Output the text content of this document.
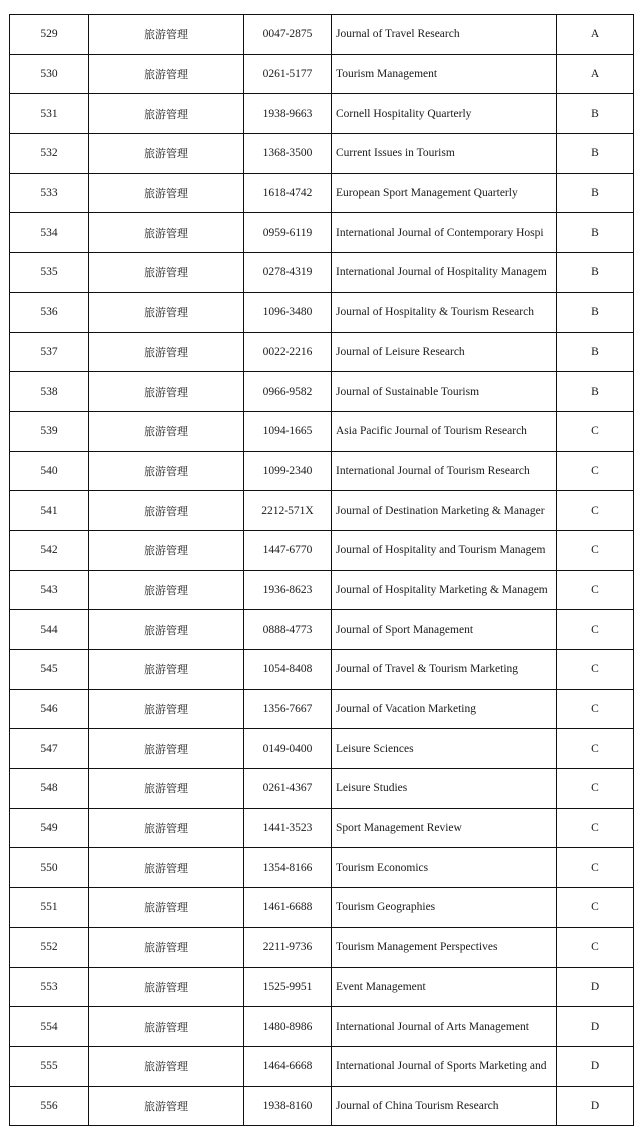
529	旅游管理	0047-2875	Journal of Travel Research	A
530	旅游管理	0261-5177	Tourism Management	A
531	旅游管理	1938-9663	Cornell Hospitality Quarterly	B
532	旅游管理	1368-3500	Current Issues in Tourism	B
533	旅游管理	1618-4742	European Sport Management Quarterly	B
534	旅游管理	0959-6119	International Journal of Contemporary Hospi	B
535	旅游管理	0278-4319	International Journal of Hospitality Managem	B
536	旅游管理	1096-3480	Journal of Hospitality & Tourism Research	B
537	旅游管理	0022-2216	Journal of Leisure Research	B
538	旅游管理	0966-9582	Journal of Sustainable Tourism	B
539	旅游管理	1094-1665	Asia Pacific Journal of Tourism Research	C
540	旅游管理	1099-2340	International Journal of Tourism Research	C
541	旅游管理	2212-571X	Journal of Destination Marketing & Manager	C
542	旅游管理	1447-6770	Journal of Hospitality and Tourism Managem	C
543	旅游管理	1936-8623	Journal of Hospitality Marketing & Managem	C
544	旅游管理	0888-4773	Journal of Sport Management	C
545	旅游管理	1054-8408	Journal of Travel & Tourism Marketing	C
546	旅游管理	1356-7667	Journal of Vacation Marketing	C
547	旅游管理	0149-0400	Leisure Sciences	C
548	旅游管理	0261-4367	Leisure Studies	C
549	旅游管理	1441-3523	Sport Management Review	C
550	旅游管理	1354-8166	Tourism Economics	C
551	旅游管理	1461-6688	Tourism Geographies	C
552	旅游管理	2211-9736	Tourism Management Perspectives	C
553	旅游管理	1525-9951	Event Management	D
554	旅游管理	1480-8986	International Journal of Arts Management	D
555	旅游管理	1464-6668	International Journal of Sports Marketing and	D
556	旅游管理	1938-8160	Journal of China Tourism Research	D
